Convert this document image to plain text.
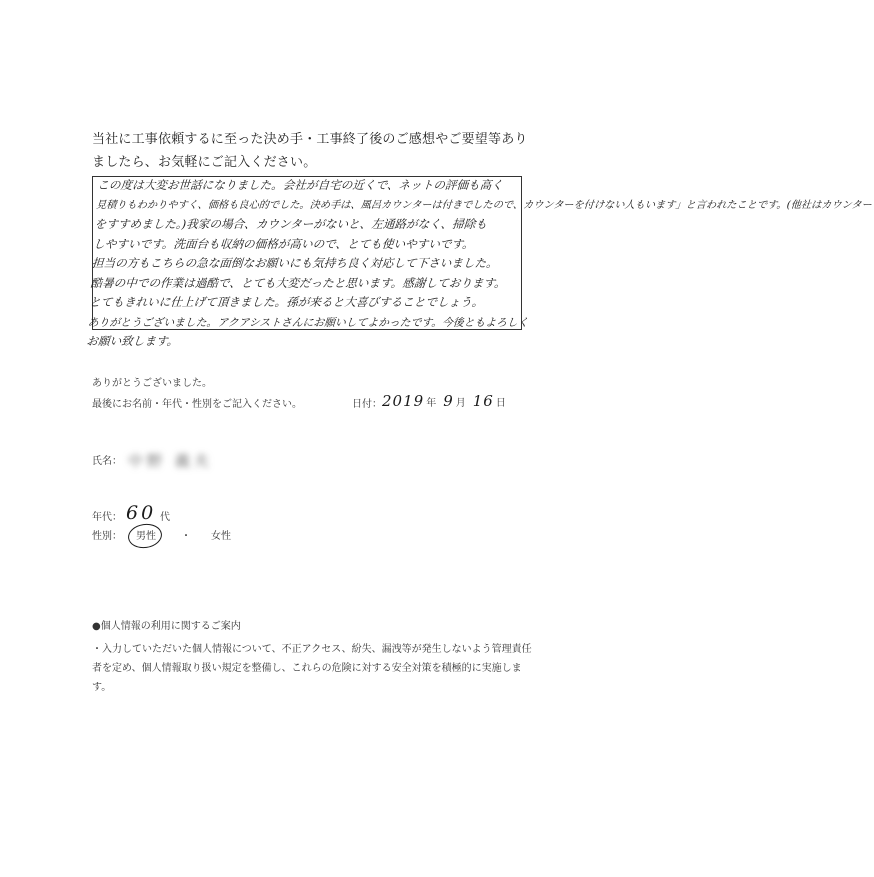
当社に工事依頼するに至った決め手・工事終了後のご感想やご要望等ありましたら、お気軽にご記入ください。
この度は大変お世話になりました。会社が自宅の近くで、ネットの評価も高く
見積りもわかりやすく、価格も良心的でした。決め手は、風呂カウンターは付きでしたので、カウンターを付けない人もいます」と言われたことです。(他社はカウンター
をすすめました。)我家の場合、カウンターがないと、左通路がなく、掃除も
しやすいです。洗面台も収納の価格が高いので、とても使いやすいです。
担当の方もこちらの急な面倒なお願いにも気持ち良く対応して下さいました。
酷暑の中での作業は過酷で、とても大変だったと思います。感謝しております。
とてもきれいに仕上げて頂きました。孫が来ると大喜びすることでしょう。
ありがとうございました。アクアシストさんにお願いしてよかったです。今後ともよろしく
お願い致します。
ありがとうございました。
最後にお名前・年代・性別をご記入ください。	日付： 2019 年 9 月 16 日
氏名： 中野 義夫
年代： 60 代
性別：	男性	・ 女性
●個人情報の利用に関するご案内
・入力していただいた個人情報について、不正アクセス、紛失、漏洩等が発生しないよう管理責任者を定め、個人情報取り扱い規定を整備し、これらの危険に対する安全対策を積極的に実施します。
